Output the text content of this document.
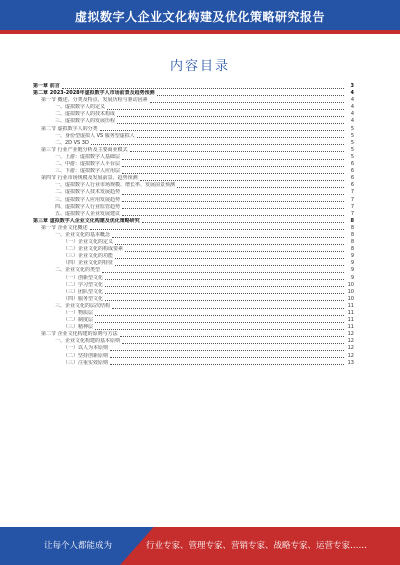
虚拟数字人企业文化构建及优化策略研究报告
内容目录
第一章 前言	3
第二章 2023-2028年虚拟数字人市场前景及趋势预测	4
第一节 概述、分类及特点、发展历程与驱动因素	4
一、虚拟数字人的定义	4
二、虚拟数字人的技术构成	4
三、虚拟数字人的发展历程	4
第二节 虚拟数字人的分类	5
一、身份型虚拟人 VS 服务型虚拟人	5
二、2D VS 3D	5
第三节 行业产业链分析及主要商业模式	5
一、上游：虚拟数字人基础层	5
二、中游：虚拟数字人平台层	6
三、下游：虚拟数字人应用层	6
第四节 行业市场规模及发展前景、趋势预测	6
一、虚拟数字人行业市场规模、增长率、发展前景预测	6
二、虚拟数字人技术发展趋势	7
三、虚拟数字人应用发展趋势	7
四、虚拟数字人行业监管趋势	7
五、虚拟数字人企业发展建议	7
第三章 虚拟数字人企业文化构建及优化策略研究	8
第一节 企业文化概述	8
一、企业文化的基本概念	8
（一）企业文化的定义	8
（二）企业文化的构成要素	8
（三）企业文化的功能	9
（四）企业文化的特征	9
二、企业文化的类型	9
（一）创新型文化	9
（二）学习型文化	10
（三）团队型文化	10
（四）服务型文化	10
三、企业文化的层次结构	11
（一）物质层	11
（二）制度层	11
（三）精神层	11
第二节 企业文化构建的原则与方法	12
一、企业文化构建的基本原则	12
（一）以人为本原则	12
（二）坚持创新原则	12
（三）注重实效原则	13
让每个人都能成为	行业专家、管理专家、营销专家、战略专家、运营专家……
